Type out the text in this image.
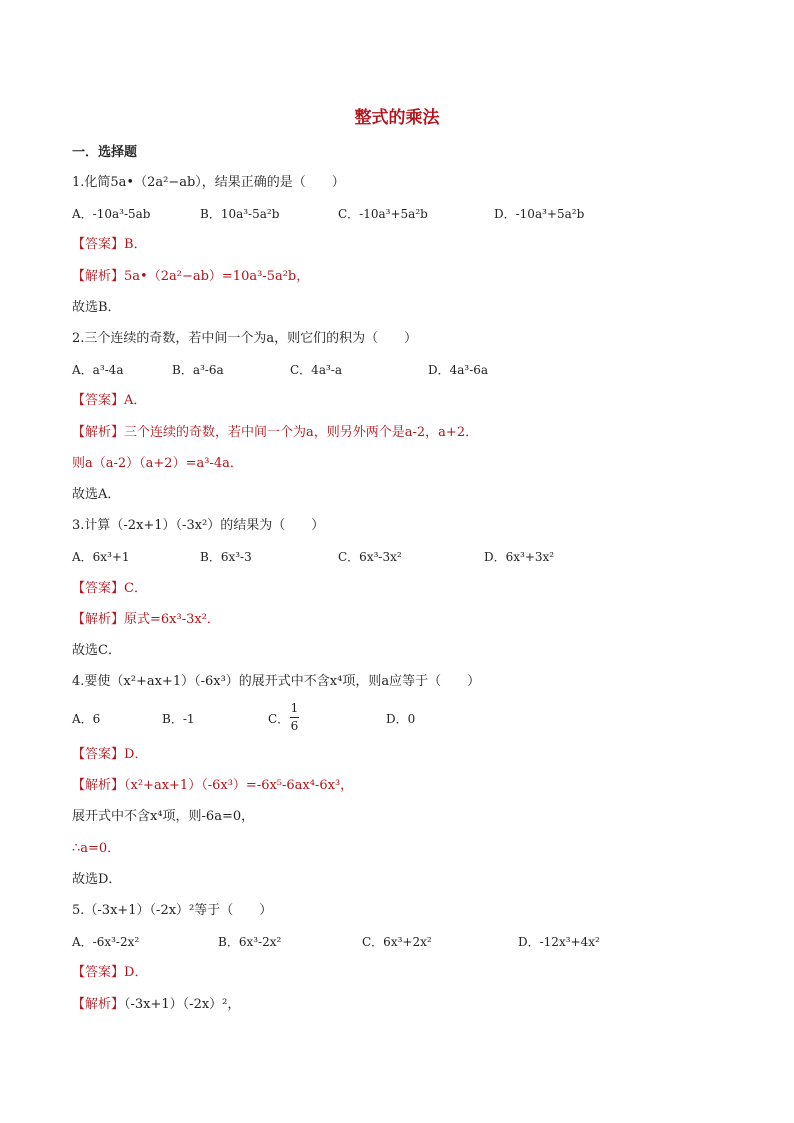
整式的乘法
一．选择题
1.化简5a•（2a²−ab），结果正确的是（　　）
A．-10a³-5ab	B．10a³-5a²b	C．-10a³+5a²b	D．-10a³+5a²b
【答案】B．
【解析】5a•（2a²−ab）=10a³-5a²b，
故选B．
2.三个连续的奇数，若中间一个为a，则它们的积为（　　）
A．a³-4a	B．a³-6a	C．4a³-a	D．4a³-6a
【答案】A．
【解析】三个连续的奇数，若中间一个为a，则另外两个是a-2，a+2．
则a（a-2）（a+2）=a³-4a．
故选A．
3.计算（-2x+1）（-3x²）的结果为（　　）
A．6x³+1	B．6x³-3	C．6x³-3x²	D．6x³+3x²
【答案】C．
【解析】原式=6x³-3x²．
故选C．
4.要使（x²+ax+1）（-6x³）的展开式中不含x⁴项，则a应等于（　　）
A．6	B．-1	C．
1
6	D．0
【答案】D．
【解析】（x²+ax+1）（-6x³）=-6x⁵-6ax⁴-6x³，
展开式中不含x⁴项，则-6a=0，
∴a=0．
故选D．
5.（-3x+1）（-2x）²等于（　　）
A．-6x³-2x²	B．6x³-2x²	C．6x³+2x²	D．-12x³+4x²
【答案】D．
【解析】（-3x+1）（-2x）²，
